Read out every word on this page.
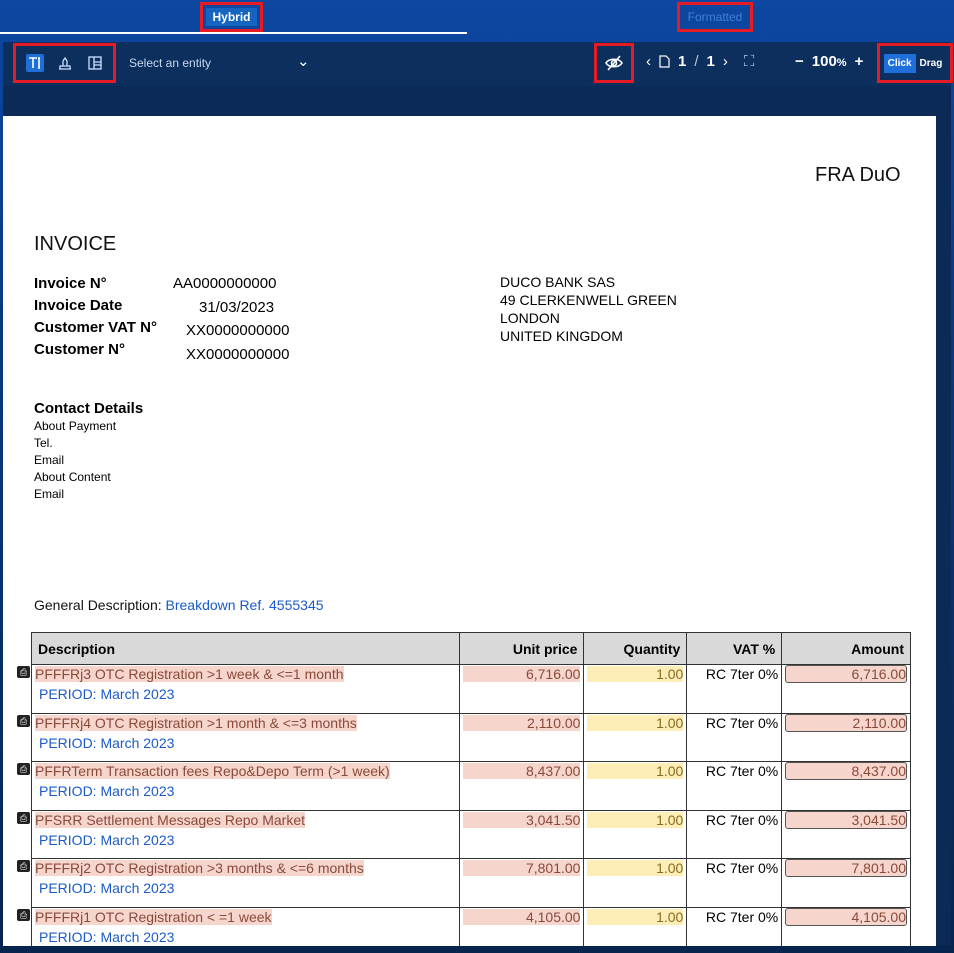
Hybrid	Formatted
Select an entity	⌄	‹ 1 / 1 › ⛶	− 100% +	Click Drag
FRA DuO
INVOICE
Invoice N°	AA0000000000
Invoice Date	31/03/2023
Customer VAT N°	XX0000000000
Customer N°	XX0000000000
DUCO BANK SAS
49 CLERKENWELL GREEN
LONDON
UNITED KINGDOM
Contact Details
About Payment
Tel.
Email
About Content
Email
General Description: Breakdown Ref. 4555345
Description	Unit price	Quantity	VAT %	Amount

⎙ PFFFRj3 OTC Registration >1 week & <=1 month	6,716.00	1.00	RC 7ter 0%	6,716.00

PERIOD: March 2023				

⎙ PFFFRj4 OTC Registration >1 month & <=3 months	2,110.00	1.00	RC 7ter 0%	2,110.00

PERIOD: March 2023				

⎙ PFFRTerm Transaction fees Repo&Depo Term (>1 week)	8,437.00	1.00	RC 7ter 0%	8,437.00

PERIOD: March 2023				

⎙ PFSRR Settlement Messages Repo Market	3,041.50	1.00	RC 7ter 0%	3,041.50

PERIOD: March 2023				

⎙ PFFFRj2 OTC Registration >3 months & <=6 months	7,801.00	1.00	RC 7ter 0%	7,801.00

PERIOD: March 2023				

⎙ PFFFRj1 OTC Registration < =1 week	4,105.00	1.00	RC 7ter 0%	4,105.00

PERIOD: March 2023				
